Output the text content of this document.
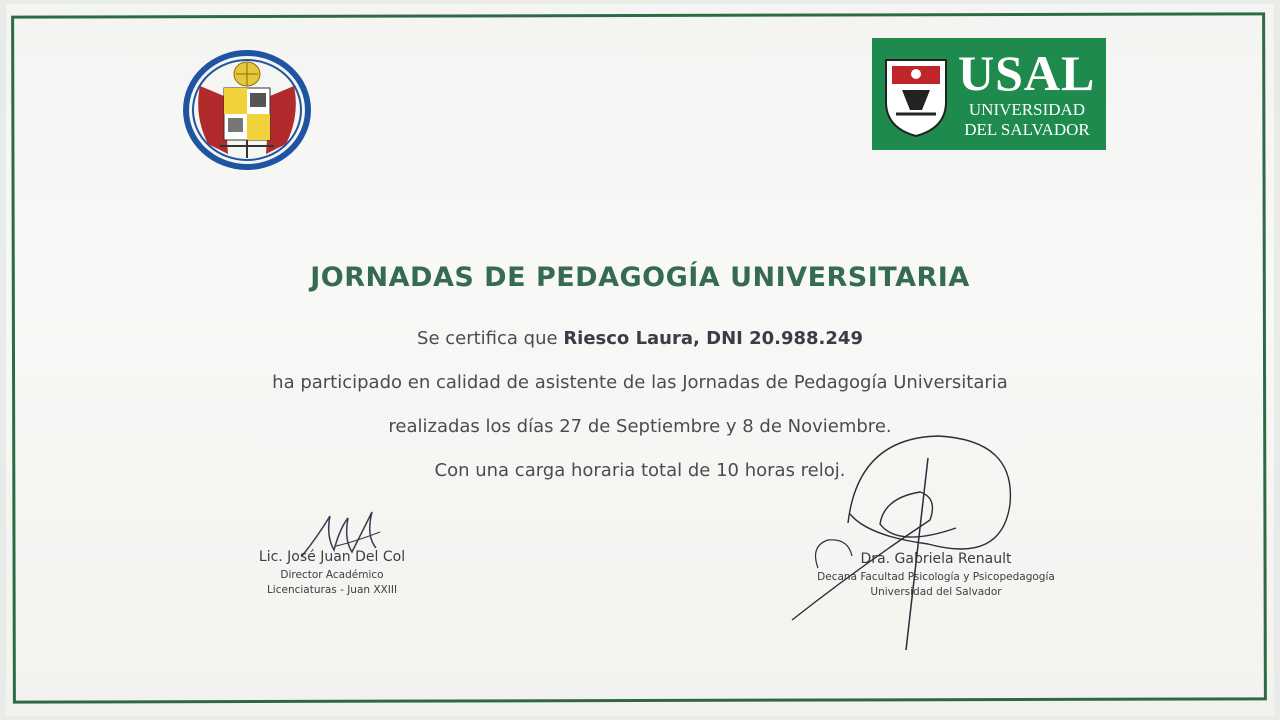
USAL
UNIVERSIDAD
DEL SALVADOR
JORNADAS DE PEDAGOGÍA UNIVERSITARIA
Se certifica que Riesco Laura, DNI 20.988.249
ha participado en calidad de asistente de las Jornadas de Pedagogía Universitaria
realizadas los días 27 de Septiembre y 8 de Noviembre.
Con una carga horaria total de 10 horas reloj.
Lic. José Juan Del Col
Director Académico
Licenciaturas - Juan XXIII
Dra. Gabriela Renault
Decana Facultad Psicología y Psicopedagogía
Universidad del Salvador
